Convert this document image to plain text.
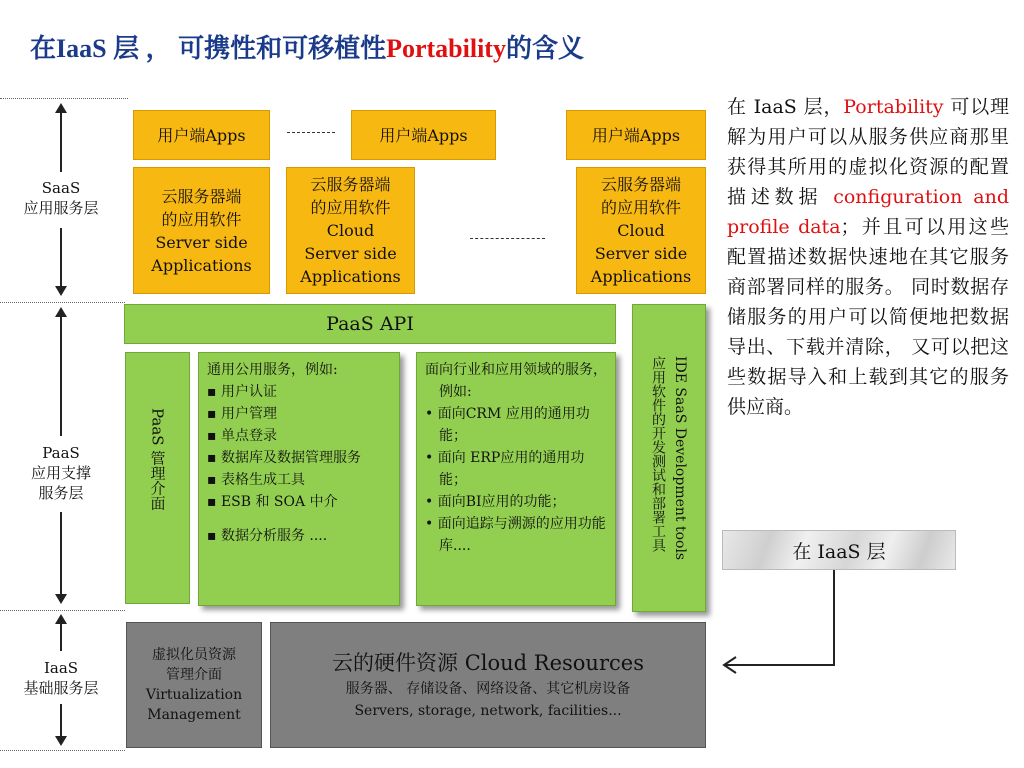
在IaaS 层 ， 可携性和可移植性Portability的含义
SaaS
应用服务层
PaaS
应用支撑
服务层
IaaS
基础服务层
用户端Apps	用户端Apps	用户端Apps
云服务器端
的应用软件
Server side
Applications
云服务器端
的应用软件
Cloud
Server side
Applications
云服务器端
的应用软件
Cloud
Server side
Applications
PaaS API
PaaS 管理介面
通用公用服务，例如:
▪ 用户认证
▪ 用户管理
▪ 单点登录
▪ 数据库及数据管理服务
▪ 表格生成工具
▪ ESB 和 SOA 中介
▪ 数据分析服务 ....
面向行业和应用领域的服务， 例如:
• 面向CRM 应用的通用功能；
• 面向 ERP应用的通用功能；
• 面向BI应用的功能；
• 面向追踪与溯源的应用功能库....	IDE SaaS Development tools
应用软件的开发测试和部署工具
虚拟化员资源
管理介面
Virtualization
Management
云的硬件资源 Cloud Resources
服务器、 存储设备、网络设备、其它机房设备
Servers, storage, network, facilities...
在 IaaS 层，Portability 可以理解为用户可以从服务供应商那里获得其所用的虚拟化资源的配置描述数据 configuration and profile data；并且可以用这些配置描述数据快速地在其它服务商部署同样的服务。 同时数据存储服务的用户可以简便地把数据导出、下载并清除， 又可以把这些数据导入和上载到其它的服务供应商。
在 IaaS 层
